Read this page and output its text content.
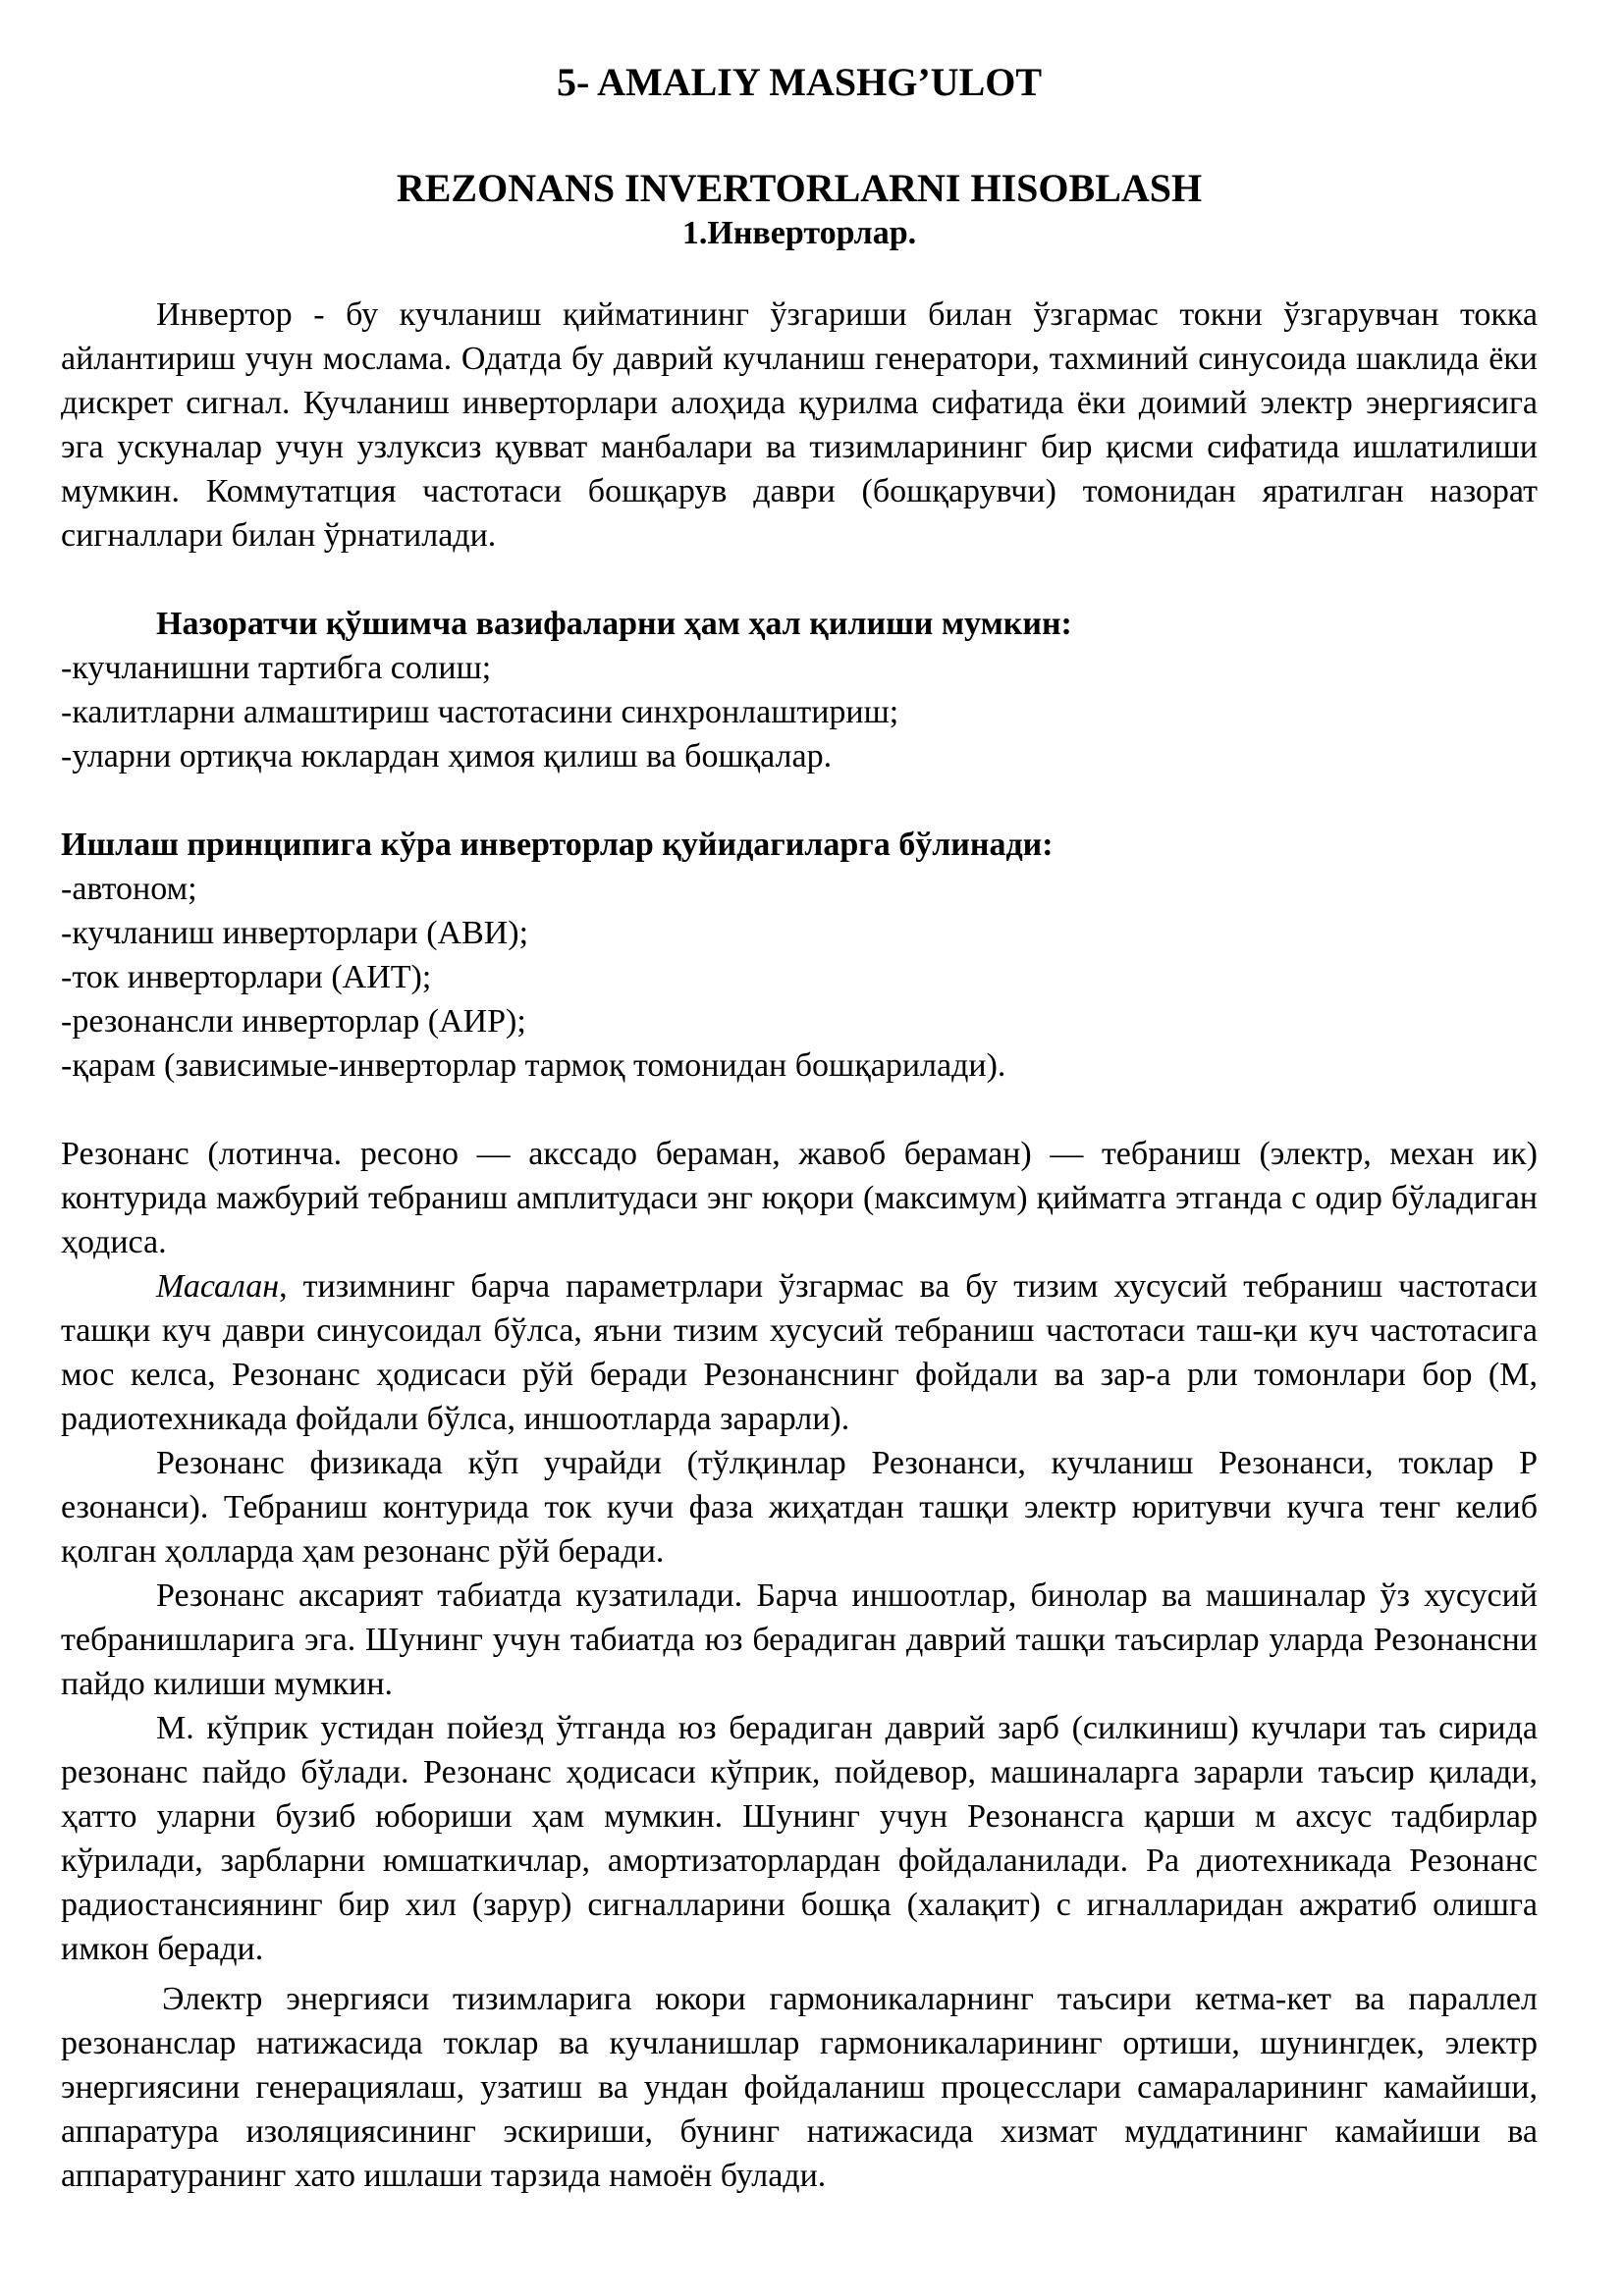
5- AMALIY MASHG’ULOT
REZONANS INVERTORLARNI HISOBLASH
1.Инверторлар.

Инвертор - бу кучланиш қийматининг ўзгариши билан ўзгармас токни ўзгарувчан токка айлантириш учун мослама. Одатда бу даврий кучланиш генератори, тахминий синусоида шаклида ёки дискрет сигнал. Кучланиш инверторлари алоҳида қурилма сифатида ёки доимий электр энергиясига эга ускуналар учун узлуксиз қувват манбалари ва тизимларининг бир қисми сифатида ишлатилиши мумкин. Коммутатция частотаси бошқарув даври (бошқарувчи) томонидан яратилган назорат сигналлари билан ўрнатилади.

Назоратчи қўшимча вазифаларни ҳам ҳал қилиши мумкин:

-кучланишни тартибга солиш;
-калитларни алмаштириш частотасини синхронлаштириш;
-уларни ортиқча юклардан ҳимоя қилиш ва бошқалар.

Ишлаш принципига кўра инверторлар қуйидагиларга бўлинади:

-автоном;
-кучланиш инверторлари (АВИ);
-ток инверторлари (АИТ);
-резонансли инверторлар (АИР);
-қарам (зависимые-инверторлар тармоқ томонидан бошқарилади).

Резонанс (лотинча. ресоно — акссадо бераман, жавоб бераман) — тебраниш (электр, механ ик) контурида мажбурий тебраниш амплитудаси энг юқори (максимум) қийматга этганда с одир бўладиган ҳодиса.

Масалан, тизимнинг барча параметрлари ўзгармас ва бу тизим хусусий тебраниш частотаси ташқи куч даври синусоидал бўлса, яъни тизим хусусий тебраниш частотаси таш-қи куч частотасига мос келса, Резонанс ҳодисаси рўй беради Резонанснинг фойдали ва зар-а рли томонлари бор (М, радиотехникада фойдали бўлса, иншоотларда зарарли).

Резонанс физикада кўп учрайди (тўлқинлар Резонанси, кучланиш Резонанси, токлар Р езонанси). Тебраниш контурида ток кучи фаза жиҳатдан ташқи электр юритувчи кучга тенг келиб қолган ҳолларда ҳам резонанс рўй беради.

Резонанс аксарият табиатда кузатилади. Барча иншоотлар, бинолар ва машиналар ўз хусусий тебранишларига эга. Шунинг учун табиатда юз берадиган даврий ташқи таъсирлар уларда Резонансни пайдо килиши мумкин.

М. кўприк устидан пойезд ўтганда юз берадиган даврий зарб (силкиниш) кучлари таъ сирида резонанс пайдо бўлади. Резонанс ҳодисаси кўприк, пойдевор, машиналарга зарарли таъсир қилади, ҳатто уларни бузиб юбориши ҳам мумкин. Шунинг учун Резонансга қарши м ахсус тадбирлар кўрилади, зарбларни юмшаткичлар, амортизаторлардан фойдаланилади. Ра диотехникада Резонанс радиостансиянинг бир хил (зарур) сигналларини бошқа (халақит) с игналларидан ажратиб олишга имкон беради.

Электр энергияси тизимларига юкори гармоникаларнинг таъсири кетма-кет ва параллел резонанслар натижасида токлар ва кучланишлар гармоникаларининг ортиши, шунингдек, электр энергиясини генерациялаш, узатиш ва ундан фойдаланиш процесслари самараларининг камайиши, аппаратура изоляциясининг эскириши, бунинг натижасида хизмат муддатининг камайиши ва аппаратуранинг хато ишлаши тарзида намоён булади.
